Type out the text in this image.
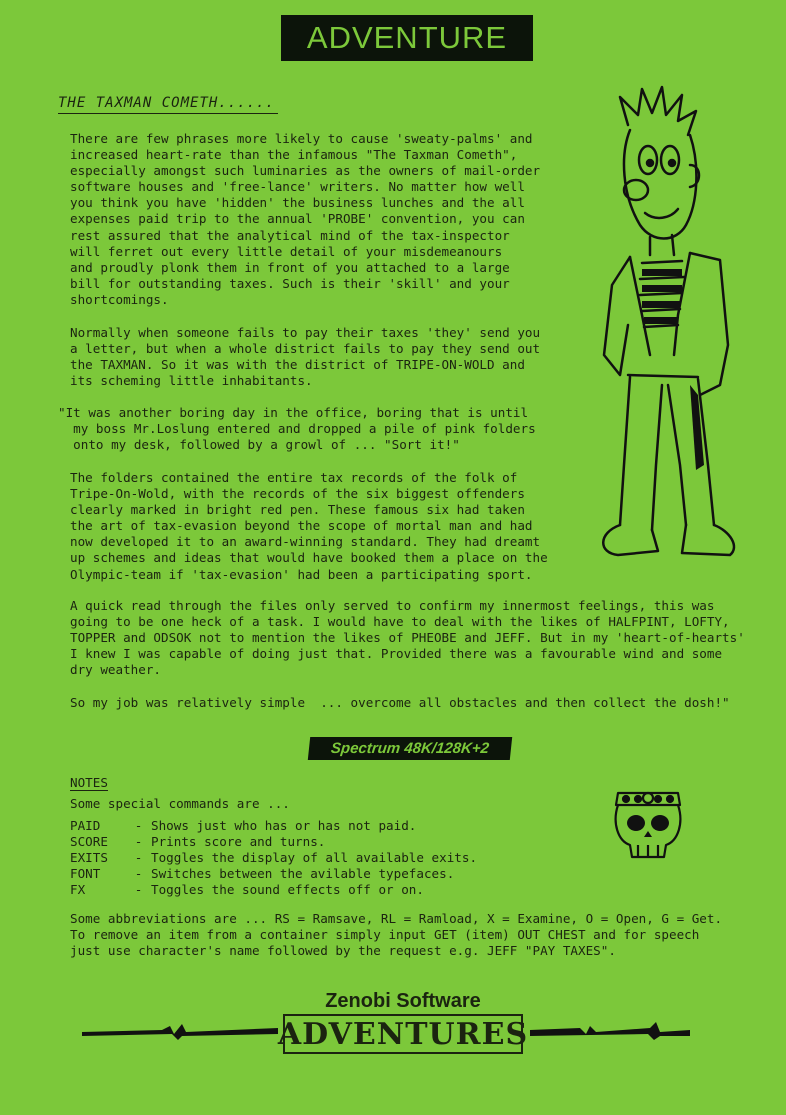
ADVENTURE
THE TAXMAN COMETH......
There are few phrases more likely to cause 'sweaty-palms' and
increased heart-rate than the infamous "The Taxman Cometh",
especially amongst such luminaries as the owners of mail-order
software houses and 'free-lance' writers. No matter how well
you think you have 'hidden' the business lunches and the all
expenses paid trip to the annual 'PROBE' convention, you can
rest assured that the analytical mind of the tax-inspector
will ferret out every little detail of your misdemeanours
and proudly plonk them in front of you attached to a large
bill for outstanding taxes. Such is their 'skill' and your
shortcomings.
Normally when someone fails to pay their taxes 'they' send you
a letter, but when a whole district fails to pay they send out
the TAXMAN. So it was with the district of TRIPE-ON-WOLD and
its scheming little inhabitants.
"It was another boring day in the office, boring that is until
my boss Mr.Loslung entered and dropped a pile of pink folders
onto my desk, followed by a growl of ... "Sort it!"
The folders contained the entire tax records of the folk of
Tripe-On-Wold, with the records of the six biggest offenders
clearly marked in bright red pen. These famous six had taken
the art of tax-evasion beyond the scope of mortal man and had
now developed it to an award-winning standard. They had dreamt
up schemes and ideas that would have booked them a place on the
Olympic-team if 'tax-evasion' had been a participating sport.
A quick read through the files only served to confirm my innermost feelings, this was
going to be one heck of a task. I would have to deal with the likes of HALFPINT, LOFTY,
TOPPER and ODSOK not to mention the likes of PHEOBE and JEFF. But in my 'heart-of-hearts'
I knew I was capable of doing just that. Provided there was a favourable wind and some
dry weather.
So my job was relatively simple  ... overcome all obstacles and then collect the dosh!"
Spectrum 48K/128K+2
NOTES
Some special commands are ...
PAID	- Shows just who has or has not paid.
SCORE	- Prints score and turns.
EXITS	- Toggles the display of all available exits.
FONT	- Switches between the avilable typefaces.
FX	- Toggles the sound effects off or on.
Some abbreviations are ... RS = Ramsave, RL = Ramload, X = Examine, O = Open, G = Get.
To remove an item from a container simply input GET (item) OUT CHEST and for speech
just use character's name followed by the request e.g. JEFF "PAY TAXES".
Zenobi Software
ADVENTURES
